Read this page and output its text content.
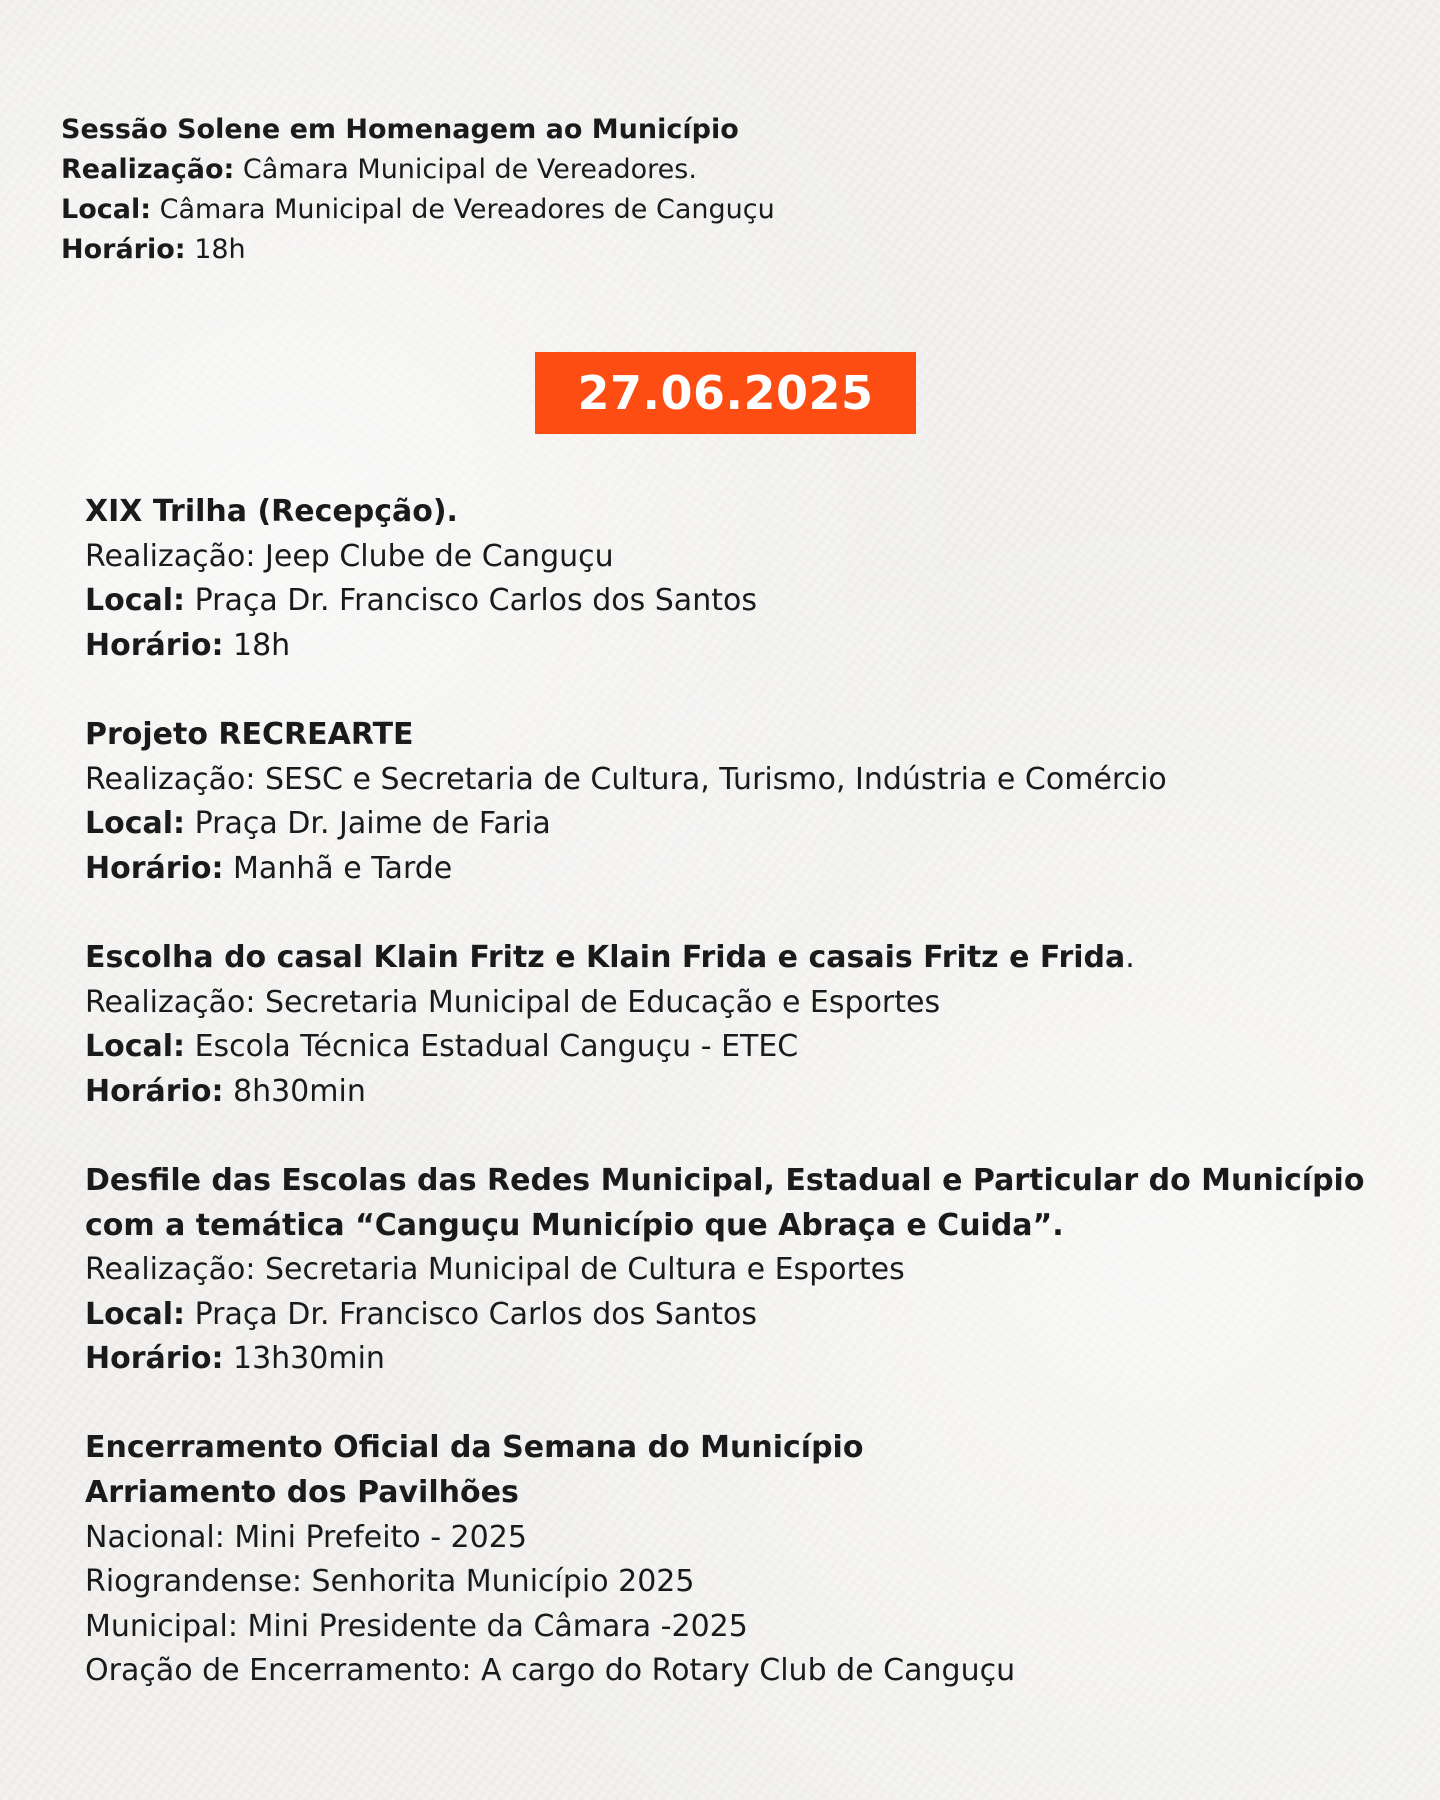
Sessão Solene em Homenagem ao Município
Realização: Câmara Municipal de Vereadores.
Local: Câmara Municipal de Vereadores de Canguçu
Horário: 18h
27.06.2025
XIX Trilha (Recepção).
Realização: Jeep Clube de Canguçu
Local: Praça Dr. Francisco Carlos dos Santos
Horário: 18h
Projeto RECREARTE
Realização: SESC e Secretaria de Cultura, Turismo, Indústria e Comércio
Local: Praça Dr. Jaime de Faria
Horário: Manhã e Tarde
Escolha do casal Klain Fritz e Klain Frida e casais Fritz e Frida.
Realização: Secretaria Municipal de Educação e Esportes
Local: Escola Técnica Estadual Canguçu - ETEC
Horário: 8h30min
Desfile das Escolas das Redes Municipal, Estadual e Particular do Município
com a temática “Canguçu Município que Abraça e Cuida”.
Realização: Secretaria Municipal de Cultura e Esportes
Local: Praça Dr. Francisco Carlos dos Santos
Horário: 13h30min
Encerramento Oficial da Semana do Município
Arriamento dos Pavilhões
Nacional: Mini Prefeito - 2025
Riograndense: Senhorita Município 2025
Municipal: Mini Presidente da Câmara -2025
Oração de Encerramento: A cargo do Rotary Club de Canguçu
